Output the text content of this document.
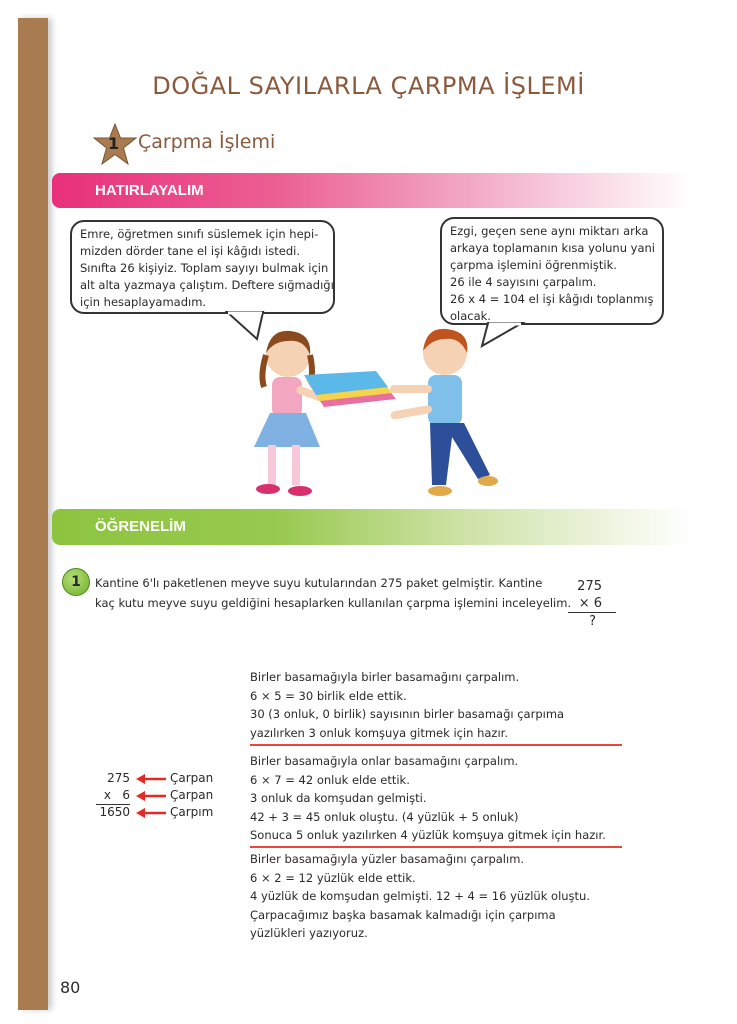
DOĞAL SAYILARLA ÇARPMA İŞLEMİ
1 Çarpma İşlemi
HATIRLAYALIM
Emre, öğretmen sınıfı süslemek için hepi-
mizden dörder tane el işi kâğıdı istedi.
Sınıfta 26 kişiyiz. Toplam sayıyı bulmak için
alt alta yazmaya çalıştım. Deftere sığmadığı
için hesaplayamadım.
Ezgi, geçen sene aynı miktarı arka
arkaya toplamanın kısa yolunu yani
çarpma işlemini öğrenmiştik.
26 ile 4 sayısını çarpalım.
26 x 4 = 104 el işi kâğıdı toplanmış
olacak.
ÖĞRENELİM
1	Kantine 6'lı paketlenen meyve suyu kutularından 275 paket gelmiştir. Kantine
kaç kutu meyve suyu geldiğini hesaplarken kullanılan çarpma işlemini inceleyelim.
275
× 6
?
Birler basamağıyla birler basamağını çarpalım.
6 × 5 = 30 birlik elde ettik.
30 (3 onluk, 0 birlik) sayısının birler basamağı çarpıma
yazılırken 3 onluk komşuya gitmek için hazır.
Birler basamağıyla onlar basamağını çarpalım.
6 × 7 = 42 onluk elde ettik.
3 onluk da komşudan gelmişti.
42 + 3 = 45 onluk oluştu. (4 yüzlük + 5 onluk)
Sonuca 5 onluk yazılırken 4 yüzlük komşuya gitmek için hazır.
Birler basamağıyla yüzler basamağını çarpalım.
6 × 2 = 12 yüzlük elde ettik.
4 yüzlük de komşudan gelmişti. 12 + 4 = 16 yüzlük oluştu.
Çarpacağımız başka basamak kalmadığı için çarpıma
yüzlükleri yazıyoruz.
275	Çarpan
x   6	Çarpan
1650	Çarpım
80
